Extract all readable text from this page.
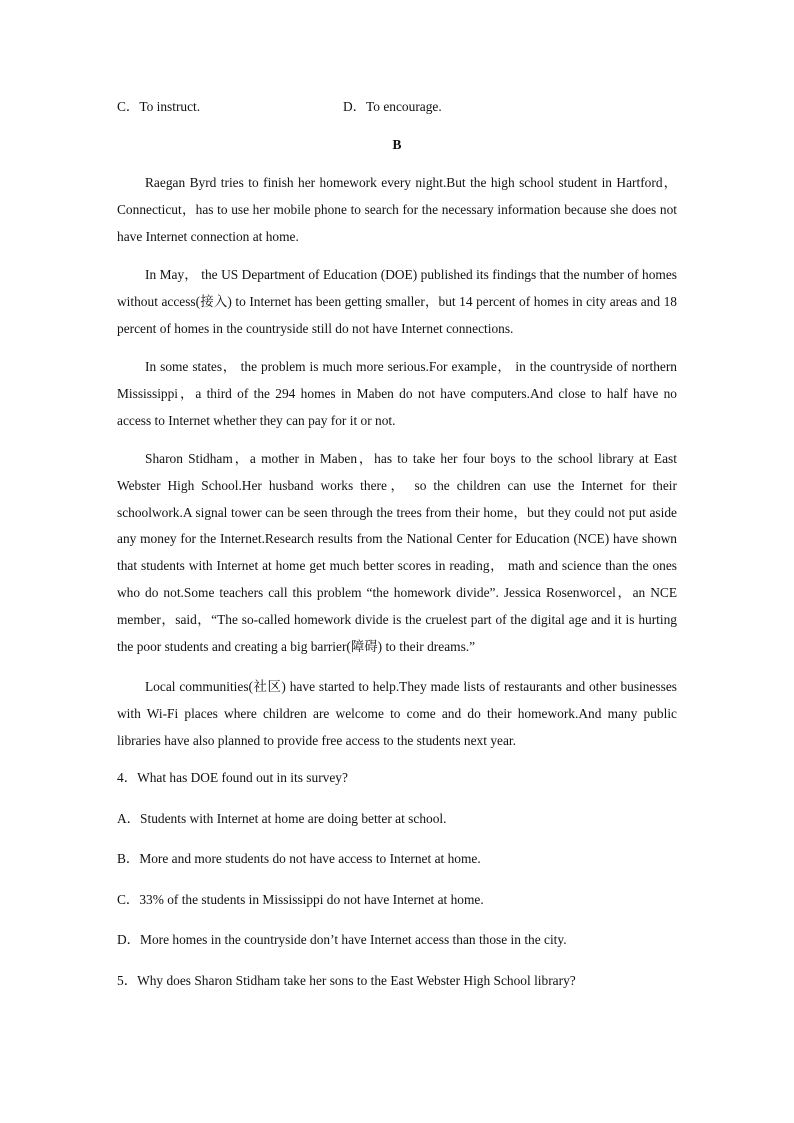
C．To instruct.	D．To encourage.
B
Raegan Byrd tries to finish her homework every night.But the high school student in Hartford，Connecticut，has to use her mobile phone to search for the necessary information because she does not have Internet connection at home.
In May， the US Department of Education (DOE) published its findings that the number of homes without access(接入) to Internet has been getting smaller，but 14 percent of homes in city areas and 18 percent of homes in the countryside still do not have Internet connections.
In some states， the problem is much more serious.For example， in the countryside of northern Mississippi，a third of the 294 homes in Maben do not have computers.And close to half have no access to Internet whether they can pay for it or not.
Sharon Stidham，a mother in Maben，has to take her four boys to the school library at East Webster High School.Her husband works there， so the children can use the Internet for their schoolwork.A signal tower can be seen through the trees from their home，but they could not put aside any money for the Internet.Research results from the National Center for Education (NCE) have shown that students with Internet at home get much better scores in reading， math and science than the ones who do not.Some teachers call this problem “the homework divide”. Jessica Rosenworcel，an NCE member，said，“The so-called homework divide is the cruelest part of the digital age and it is hurting the poor students and creating a big barrier(障碍) to their dreams.”
Local communities(社区) have started to help.They made lists of restaurants and other businesses with Wi-Fi places where children are welcome to come and do their homework.And many public libraries have also planned to provide free access to the students next year.
4．What has DOE found out in its survey?
A．Students with Internet at home are doing better at school.
B．More and more students do not have access to Internet at home.
C．33% of the students in Mississippi do not have Internet at home.
D．More homes in the countryside don’t have Internet access than those in the city.
5．Why does Sharon Stidham take her sons to the East Webster High School library?
